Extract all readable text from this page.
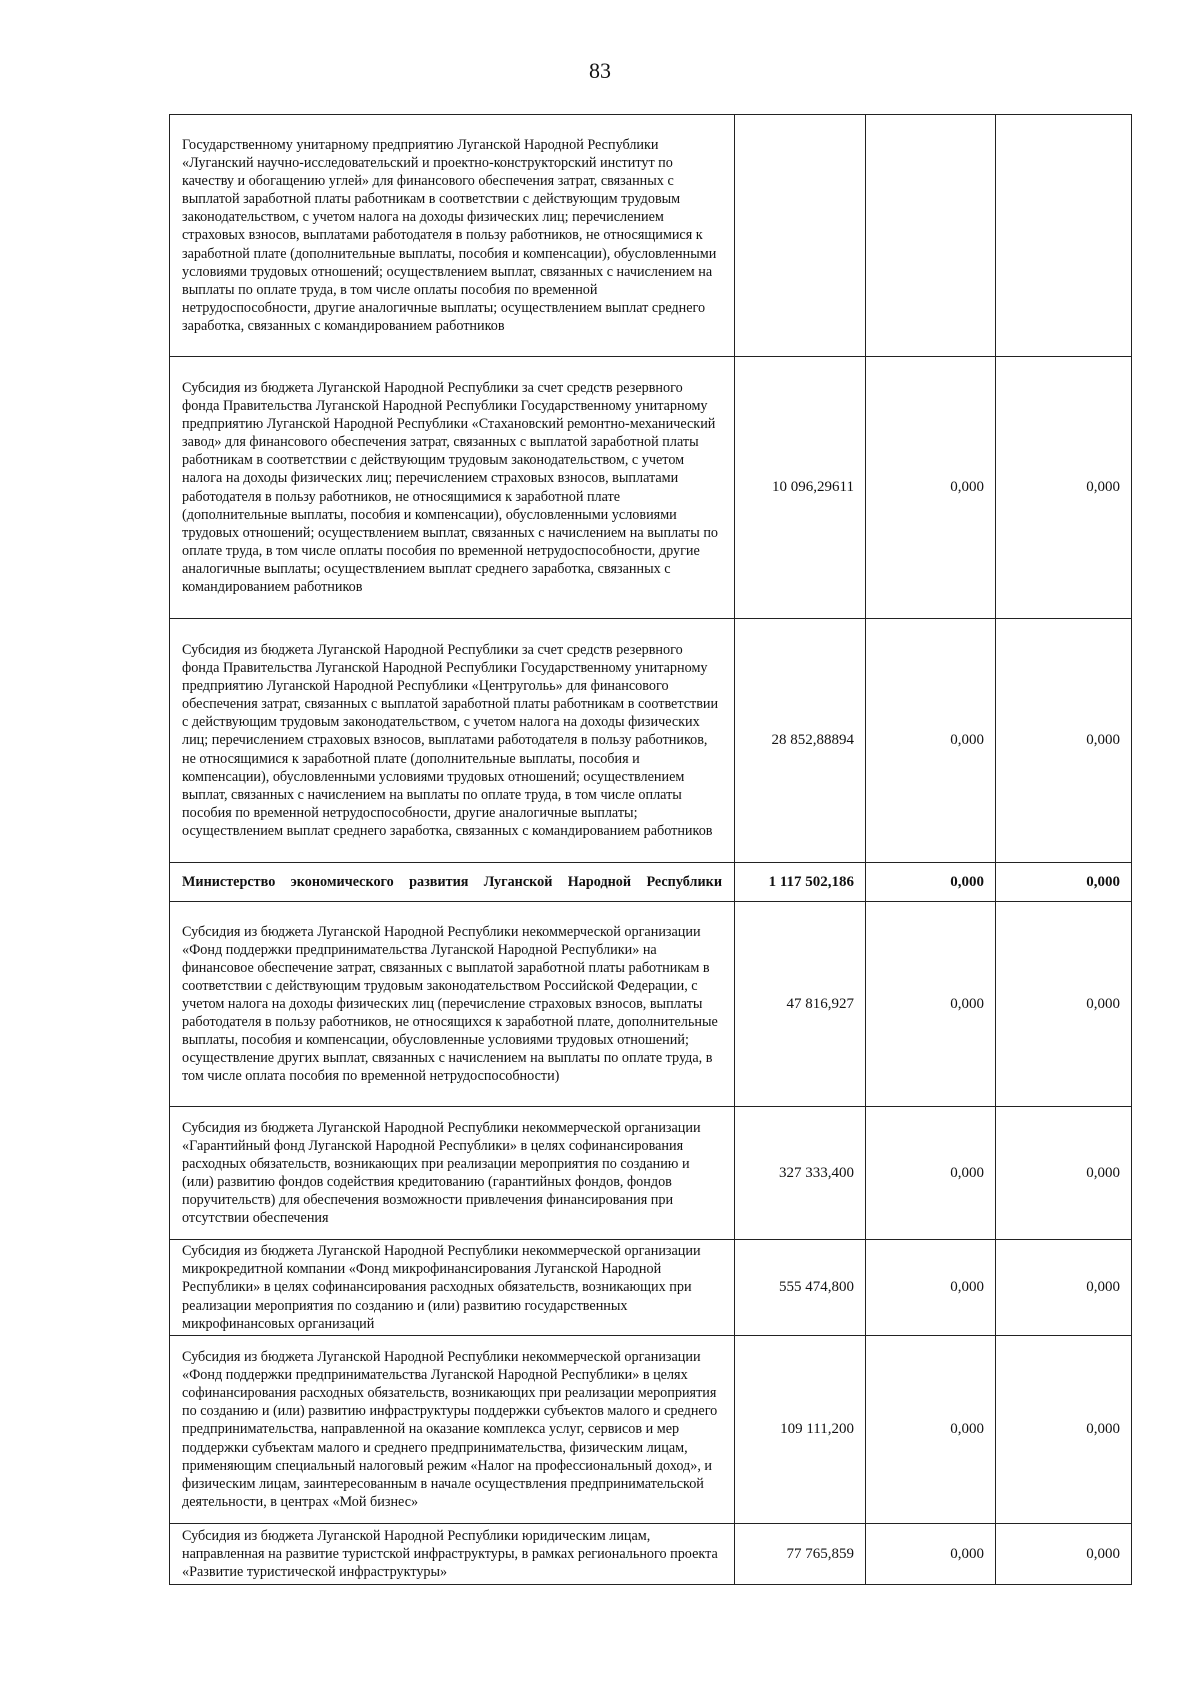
83
Государственному унитарному предприятию Луганской Народной Республики «Луганский научно-исследовательский и проектно-конструкторский институт по качеству и обогащению углей» для финансового обеспечения затрат, связанных с выплатой заработной платы работникам в соответствии с действующим трудовым законодательством, с учетом налога на доходы физических лиц; перечислением страховых взносов, выплатами работодателя в пользу работников, не относящимися к заработной плате (дополнительные выплаты, пособия и компенсации), обусловленными условиями трудовых отношений; осуществлением выплат, связанных с начислением на выплаты по оплате труда, в том числе оплаты пособия по временной нетрудоспособности, другие аналогичные выплаты; осуществлением выплат среднего заработка, связанных с командированием работников			
Субсидия из бюджета Луганской Народной Республики за счет средств резервного фонда Правительства Луганской Народной Республики Государственному унитарному предприятию Луганской Народной Республики «Стахановский ремонтно-механический завод» для финансового обеспечения затрат, связанных с выплатой заработной платы работникам в соответствии с действующим трудовым законодательством, с учетом налога на доходы физических лиц; перечислением страховых взносов, выплатами работодателя в пользу работников, не относящимися к заработной плате (дополнительные выплаты, пособия и компенсации), обусловленными условиями трудовых отношений; осуществлением выплат, связанных с начислением на выплаты по оплате труда, в том числе оплаты пособия по временной нетрудоспособности, другие аналогичные выплаты; осуществлением выплат среднего заработка, связанных с командированием работников	10 096,29611	0,000	0,000
Субсидия из бюджета Луганской Народной Республики за счет средств резервного фонда Правительства Луганской Народной Республики Государственному унитарному предприятию Луганской Народной Республики «Центругольь» для финансового обеспечения затрат, связанных с выплатой заработной платы работникам в соответствии с действующим трудовым законодательством, с учетом налога на доходы физических лиц; перечислением страховых взносов, выплатами работодателя в пользу работников, не относящимися к заработной плате (дополнительные выплаты, пособия и компенсации), обусловленными условиями трудовых отношений; осуществлением выплат, связанных с начислением на выплаты по оплате труда, в том числе оплаты пособия по временной нетрудоспособности, другие аналогичные выплаты; осуществлением выплат среднего заработка, связанных с командированием работников	28 852,88894	0,000	0,000
Министерство экономического развития Луганской Народной Республики	1 117 502,186	0,000	0,000
Субсидия из бюджета Луганской Народной Республики некоммерческой организации «Фонд поддержки предпринимательства Луганской Народной Республики» на финансовое обеспечение затрат, связанных с выплатой заработной платы работникам в соответствии с действующим трудовым законодательством Российской Федерации, с учетом налога на доходы физических лиц (перечисление страховых взносов, выплаты работодателя в пользу работников, не относящихся к заработной плате, дополнительные выплаты, пособия и компенсации, обусловленные условиями трудовых отношений; осуществление других выплат, связанных с начислением на выплаты по оплате труда, в том числе оплата пособия по временной нетрудоспособности)	47 816,927	0,000	0,000
Субсидия из бюджета Луганской Народной Республики некоммерческой организации «Гарантийный фонд Луганской Народной Республики» в целях софинансирования расходных обязательств, возникающих при реализации мероприятия по созданию и (или) развитию фондов содействия кредитованию (гарантийных фондов, фондов поручительств) для обеспечения возможности привлечения финансирования при отсутствии обеспечения	327 333,400	0,000	0,000
Субсидия из бюджета Луганской Народной Республики некоммерческой организации микрокредитной компании «Фонд микрофинансирования Луганской Народной Республики» в целях софинансирования расходных обязательств, возникающих при реализации мероприятия по созданию и (или) развитию государственных микрофинансовых организаций	555 474,800	0,000	0,000
Субсидия из бюджета Луганской Народной Республики некоммерческой организации «Фонд поддержки предпринимательства Луганской Народной Республики» в целях софинансирования расходных обязательств, возникающих при реализации мероприятия по созданию и (или) развитию инфраструктуры поддержки субъектов малого и среднего предпринимательства, направленной на оказание комплекса услуг, сервисов и мер поддержки субъектам малого и среднего предпринимательства, физическим лицам, применяющим специальный налоговый режим «Налог на профессиональный доход», и физическим лицам, заинтересованным в начале осуществления предпринимательской деятельности, в центрах «Мой бизнес»	109 111,200	0,000	0,000
Субсидия из бюджета Луганской Народной Республики юридическим лицам, направленная на развитие туристской инфраструктуры, в рамках регионального проекта «Развитие туристической инфраструктуры»	77 765,859	0,000	0,000
